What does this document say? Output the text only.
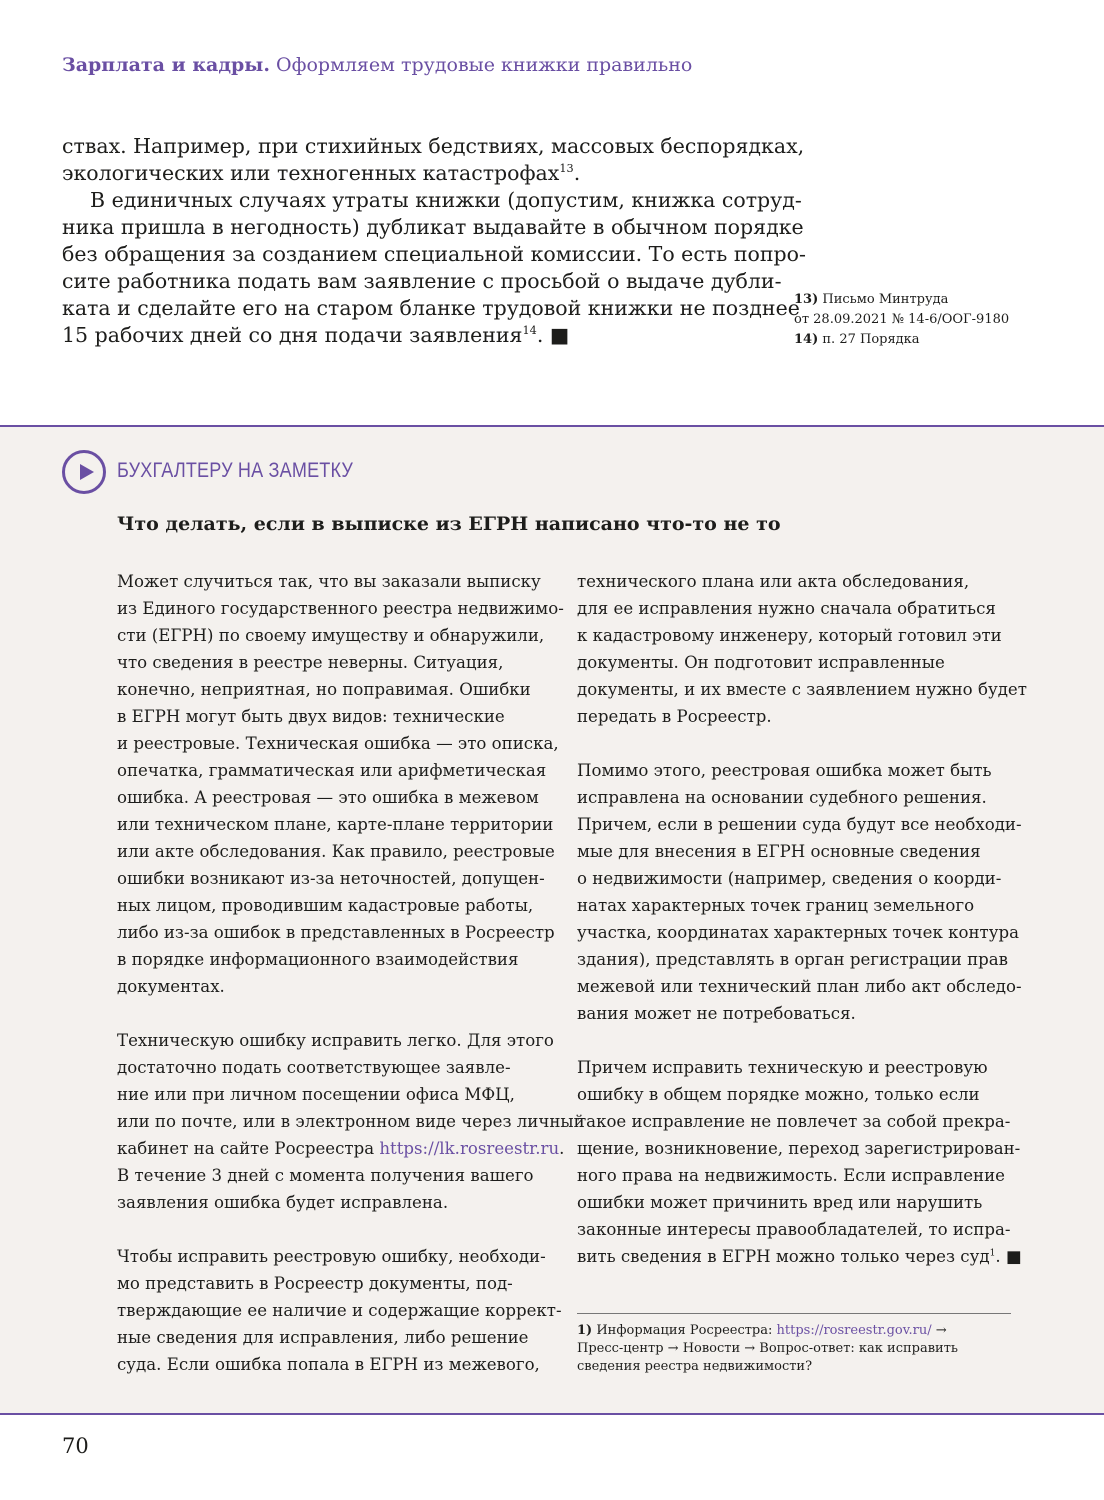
Зарплата и кадры. Оформляем трудовые книжки правильно
ствах. Например, при стихийных бедствиях, массовых беспорядках,
экологических или техногенных катастрофах$^{13}$.
В единичных случаях утраты книжки (допустим, книжка сотруд-
ника пришла в негодность) дубликат выдавайте в обычном порядке
без обращения за созданием специальной комиссии. То есть попро-
сите работника подать вам заявление с просьбой о выдаче дубли-
ката и сделайте его на старом бланке трудовой книжки не позднее
15 рабочих дней со дня подачи заявления$^{14}$. ■
13) Письмо Минтруда
от 28.09.2021 № 14-6/ООГ-9180
14) п. 27 Порядка
БУХГАЛТЕРУ НА ЗАМЕТКУ
Что делать, если в выписке из ЕГРН написано что-то не то
Может случиться так, что вы заказали выписку
из Единого государственного реестра недвижимо-
сти (ЕГРН) по своему имуществу и обнаружили,
что сведения в реестре неверны. Ситуация,
конечно, неприятная, но поправимая. Ошибки
в ЕГРН могут быть двух видов: технические
и реестровые. Техническая ошибка — это описка,
опечатка, грамматическая или арифметическая
ошибка. А реестровая — это ошибка в межевом
или техническом плане, карте-плане территории
или акте обследования. Как правило, реестровые
ошибки возникают из-за неточностей, допущен-
ных лицом, проводившим кадастровые работы,
либо из-за ошибок в представленных в Росреестр
в порядке информационного взаимодействия
документах.
Техническую ошибку исправить легко. Для этого
достаточно подать соответствующее заявле-
ние или при личном посещении офиса МФЦ,
или по почте, или в электронном виде через личный
кабинет на сайте Росреестра https://lk.rosreestr.ru.
В течение 3 дней с момента получения вашего
заявления ошибка будет исправлена.
Чтобы исправить реестровую ошибку, необходи-
мо представить в Росреестр документы, под-
тверждающие ее наличие и содержащие коррект-
ные сведения для исправления, либо решение
суда. Если ошибка попала в ЕГРН из межевого,
технического плана или акта обследования,
для ее исправления нужно сначала обратиться
к кадастровому инженеру, который готовил эти
документы. Он подготовит исправленные
документы, и их вместе с заявлением нужно будет
передать в Росреестр.
Помимо этого, реестровая ошибка может быть
исправлена на основании судебного решения.
Причем, если в решении суда будут все необходи-
мые для внесения в ЕГРН основные сведения
о недвижимости (например, сведения о коорди-
натах характерных точек границ земельного
участка, координатах характерных точек контура
здания), представлять в орган регистрации прав
межевой или технический план либо акт обследо-
вания может не потребоваться.
Причем исправить техническую и реестровую
ошибку в общем порядке можно, только если
такое исправление не повлечет за собой прекра-
щение, возникновение, переход зарегистрирован-
ного права на недвижимость. Если исправление
ошибки может причинить вред или нарушить
законные интересы правообладателей, то испра-
вить сведения в ЕГРН можно только через суд$^1$. ■
1) Информация Росреестра: https://rosreestr.gov.ru/ →
Пресс-центр → Новости → Вопрос-ответ: как исправить
сведения реестра недвижимости?
70
